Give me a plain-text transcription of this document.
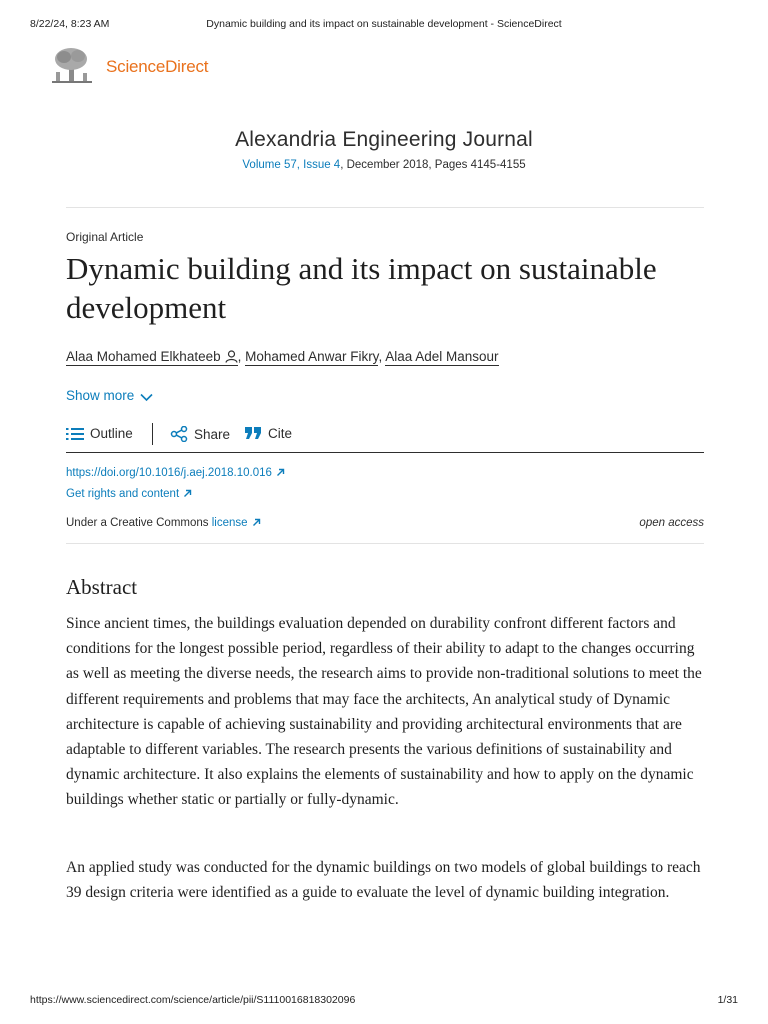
8/22/24, 8:23 AM	Dynamic building and its impact on sustainable development - ScienceDirect
ScienceDirect
Alexandria Engineering Journal
Volume 57, Issue 4, December 2018, Pages 4145-4155
Original Article
Dynamic building and its impact on sustainable development
Alaa Mohamed Elkhateeb , Mohamed Anwar Fikry, Alaa Adel Mansour
Show more
Outline	Share	Cite
https://doi.org/10.1016/j.aej.2018.10.016
Get rights and content
Under a Creative Commons license	open access
Abstract

Since ancient times, the buildings evaluation depended on durability confront different factors and conditions for the longest possible period, regardless of their ability to adapt to the changes occurring as well as meeting the diverse needs, the research aims to provide non-traditional solutions to meet the different requirements and problems that may face the architects, An analytical study of Dynamic architecture is capable of achieving sustainability and providing architectural environments that are adaptable to different variables. The research presents the various definitions of sustainability and dynamic architecture. It also explains the elements of sustainability and how to apply on the dynamic buildings whether static or partially or fully-dynamic.

An applied study was conducted for the dynamic buildings on two models of global buildings to reach 39 design criteria were identified as a guide to evaluate the level of dynamic building integration.

https://www.sciencedirect.com/science/article/pii/S1110016818302096	1/31
